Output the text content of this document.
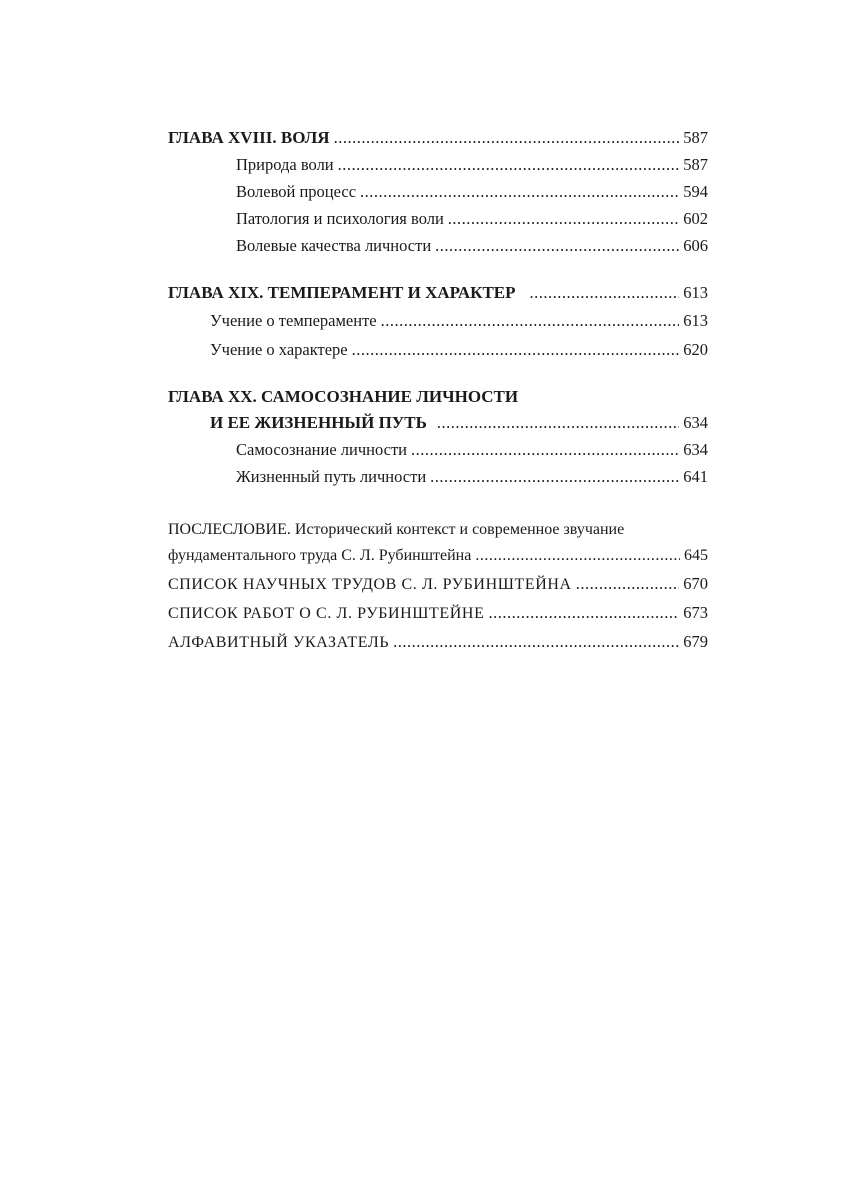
ГЛАВА XVIII. ВОЛЯ .....	587
Природа воли .....	587
Волевой процесс .....	594
Патология и психология воли .....	602
Волевые качества личности .....	606
ГЛАВА XIX. ТЕМПЕРАМЕНТ И ХАРАКТЕР .....	613
Учение о темпераменте .....	613
Учение о характере .....	620
ГЛАВА XX. САМОСОЗНАНИЕ ЛИЧНОСТИ
И ЕЕ ЖИЗНЕННЫЙ ПУТЬ .....	634
Самосознание личности .....	634
Жизненный путь личности .....	641
ПОСЛЕСЛОВИЕ. Исторический контекст и современное звучание
фундаментального труда С. Л. Рубинштейна .....	645
СПИСОК НАУЧНЫХ ТРУДОВ С. Л. РУБИНШТЕЙНА .....	670
СПИСОК РАБОТ О С. Л. РУБИНШТЕЙНЕ .....	673
АЛФАВИТНЫЙ УКАЗАТЕЛЬ .....	679
